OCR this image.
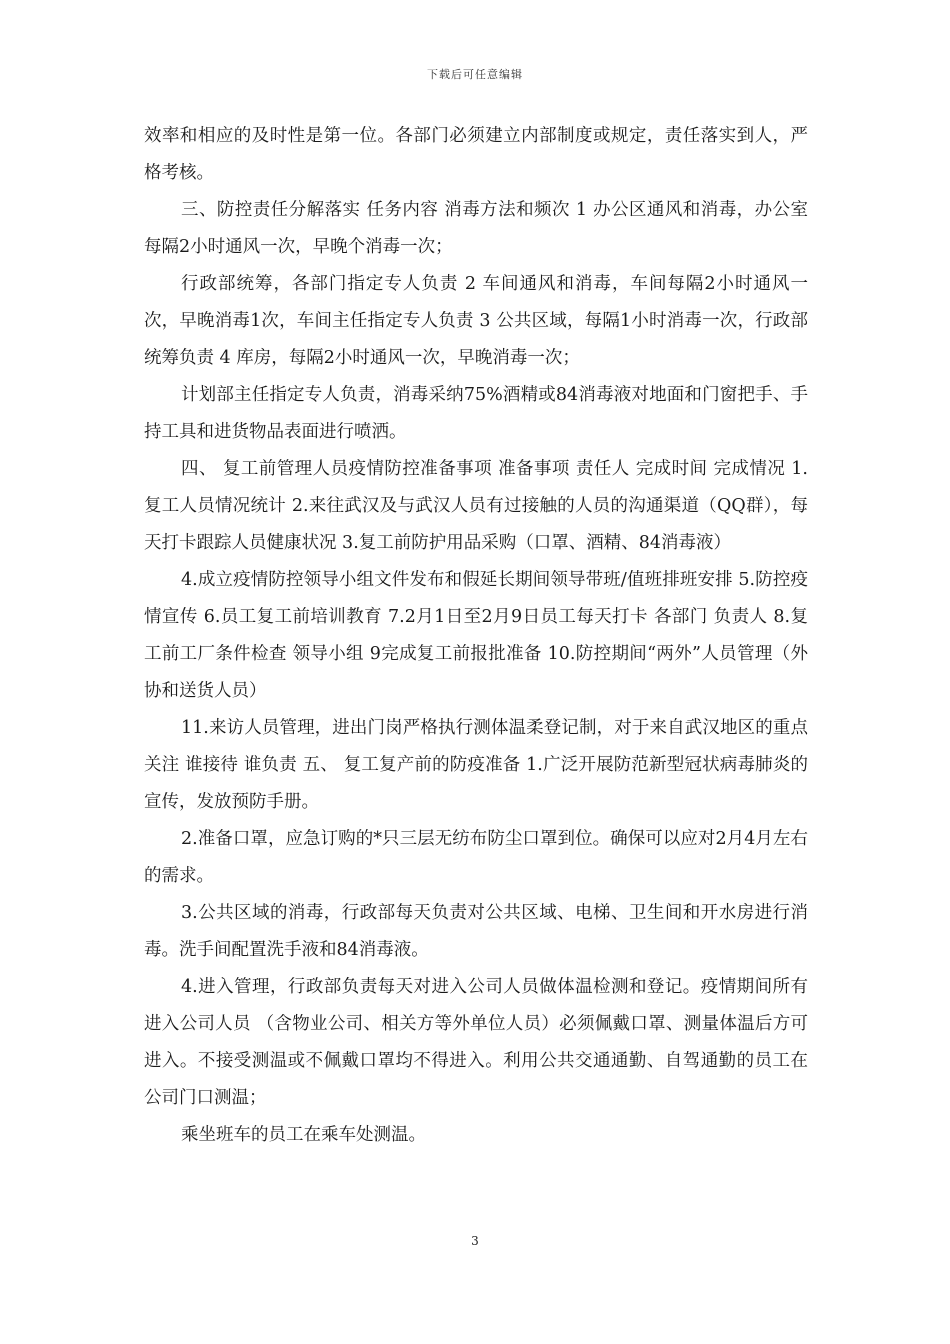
下载后可任意编辑

效率和相应的及时性是第一位。各部门必须建立内部制度或规定，责任落实到人，严格考核。

三、防控责任分解落实 任务内容 消毒方法和频次 1 办公区通风和消毒，办公室每隔2小时通风一次，早晚个消毒一次；

行政部统筹，各部门指定专人负责 2 车间通风和消毒，车间每隔2小时通风一次，早晚消毒1次，车间主任指定专人负责 3 公共区域，每隔1小时消毒一次，行政部统筹负责 4 库房，每隔2小时通风一次，早晚消毒一次；

计划部主任指定专人负责，消毒采纳75%酒精或84消毒液对地面和门窗把手、手持工具和进货物品表面进行喷洒。

四、 复工前管理人员疫情防控准备事项 准备事项 责任人 完成时间 完成情况 1.复工人员情况统计 2.来往武汉及与武汉人员有过接触的人员的沟通渠道（QQ群），每天打卡跟踪人员健康状况 3.复工前防护用品采购（口罩、酒精、84消毒液）

4.成立疫情防控领导小组文件发布和假延长期间领导带班/值班排班安排 5.防控疫情宣传 6.员工复工前培训教育 7.2月1日至2月9日员工每天打卡 各部门 负责人 8.复工前工厂条件检查 领导小组 9完成复工前报批准备 10.防控期间“两外”人员管理（外协和送货人员）

11.来访人员管理，进出门岗严格执行测体温柔登记制，对于来自武汉地区的重点关注 谁接待 谁负责 五、 复工复产前的防疫准备 1.广泛开展防范新型冠状病毒肺炎的宣传，发放预防手册。

2.准备口罩，应急订购的*只三层无纺布防尘口罩到位。确保可以应对2月4月左右的需求。

3.公共区域的消毒，行政部每天负责对公共区域、电梯、卫生间和开水房进行消毒。洗手间配置洗手液和84消毒液。

4.进入管理，行政部负责每天对进入公司人员做体温检测和登记。疫情期间所有进入公司人员 （含物业公司、相关方等外单位人员）必须佩戴口罩、测量体温后方可进入。不接受测温或不佩戴口罩均不得进入。利用公共交通通勤、自驾通勤的员工在公司门口测温；

乘坐班车的员工在乘车处测温。

3
